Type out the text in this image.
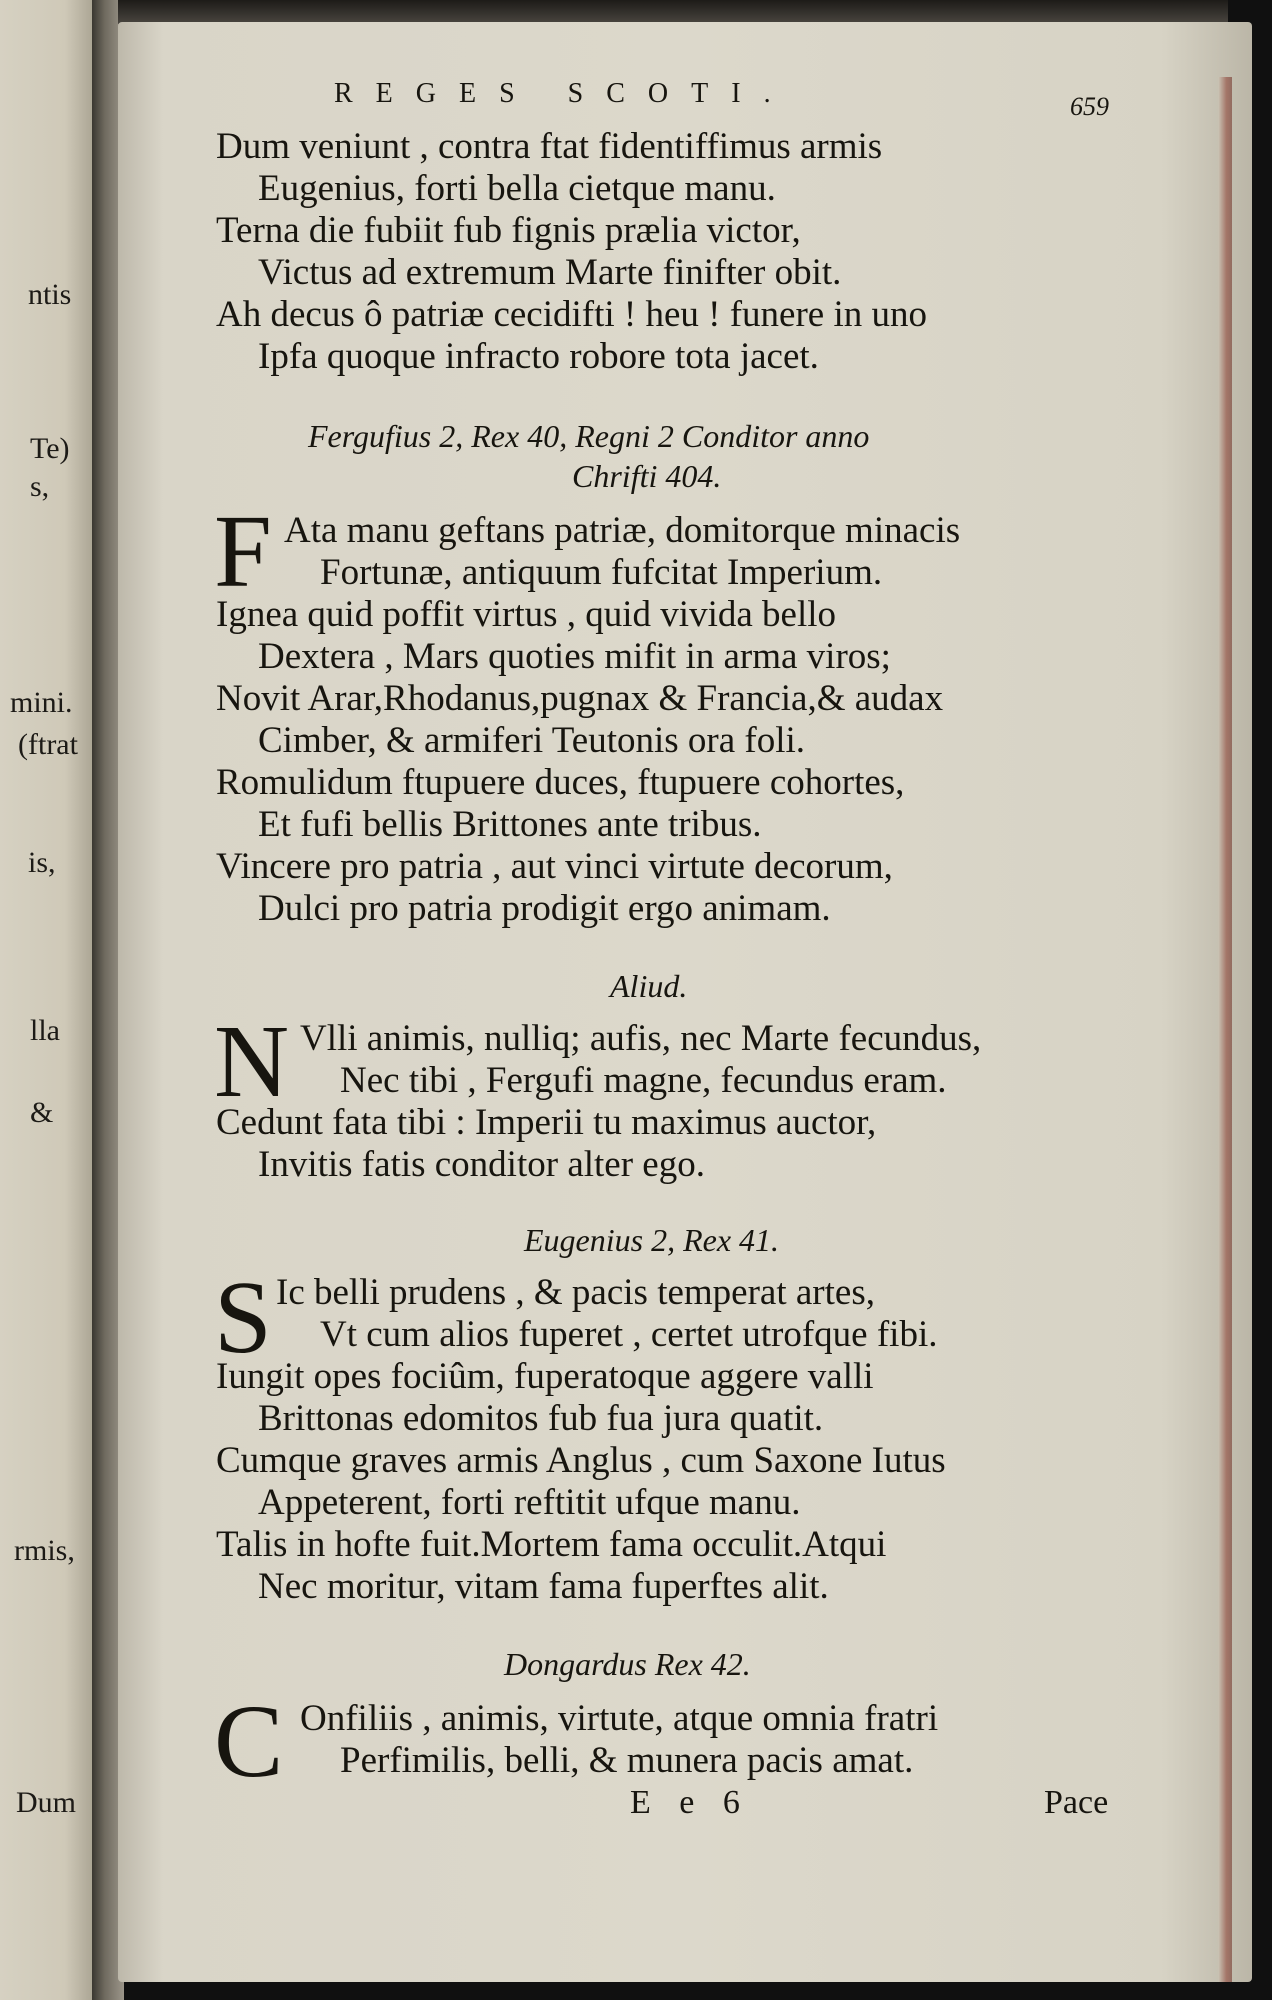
ntis
Te)
s,
mini.
(ftrat
is,
lla
&
rmis,
Dum
REGES SCOTI.	659
Dum veniunt , contra ftat fidentiffimus armis
Eugenius, forti bella cietque manu.
Terna die fubiit fub fignis prælia victor,
Victus ad extremum Marte finifter obit.
Ah decus ô patriæ cecidifti ! heu ! funere in uno
Ipfa quoque infracto robore tota jacet.
Fergufius 2, Rex 40, Regni 2 Conditor anno
Chrifti 404.
F Ata manu geftans patriæ, domitorque minacis
Fortunæ, antiquum fufcitat Imperium.
Ignea quid poffit virtus , quid vivida bello
Dextera , Mars quoties mifit in arma viros;
Novit Arar,Rhodanus,pugnax & Francia,& audax
Cimber, & armiferi Teutonis ora foli.
Romulidum ftupuere duces, ftupuere cohortes,
Et fufi bellis Brittones ante tribus.
Vincere pro patria , aut vinci virtute decorum,
Dulci pro patria prodigit ergo animam.
Aliud.
N Vlli animis, nulliq; aufis, nec Marte fecundus,
Nec tibi , Fergufi magne, fecundus eram.
Cedunt fata tibi : Imperii tu maximus auctor,
Invitis fatis conditor alter ego.
Eugenius 2, Rex 41.
S Ic belli prudens , & pacis temperat artes,
Vt cum alios fuperet , certet utrofque fibi.
Iungit opes fociûm, fuperatoque aggere valli
Brittonas edomitos fub fua jura quatit.
Cumque graves armis Anglus , cum Saxone Iutus
Appeterent, forti reftitit ufque manu.
Talis in hofte fuit.Mortem fama occulit.Atqui
Nec moritur, vitam fama fuperftes alit.
Dongardus Rex 42.
C Onfiliis , animis, virtute, atque omnia fratri
Perfimilis, belli, & munera pacis amat.
E e 6	Pace
